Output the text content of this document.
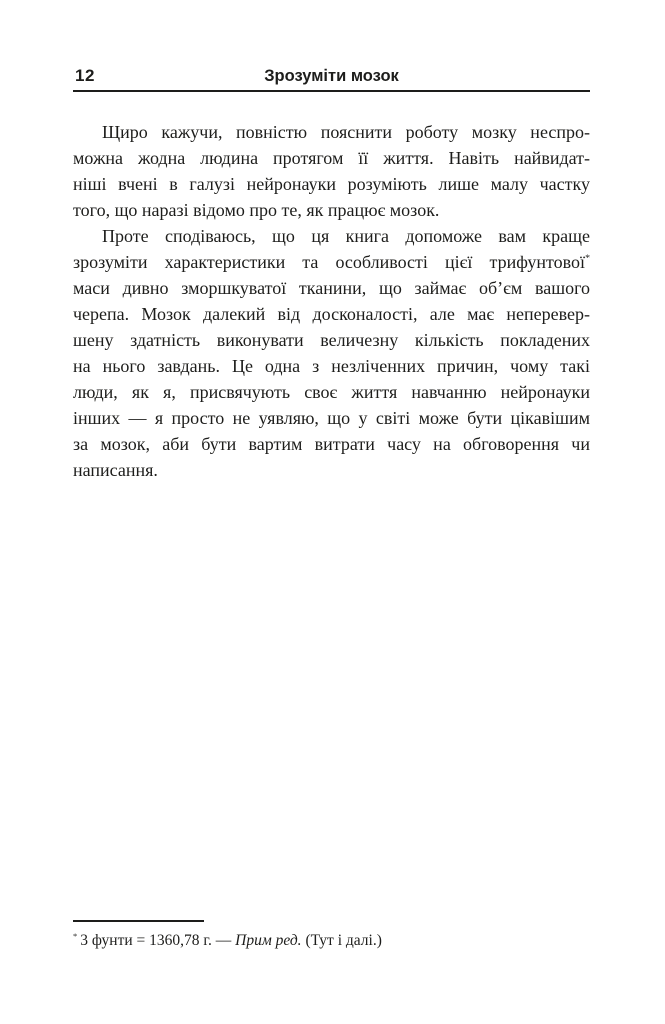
12	Зрозуміти мозок
Щиро кажучи, повністю пояснити роботу мозку неспро-
можна жодна людина протягом її життя. Навіть найвидат-
ніші вчені в галузі нейронауки розуміють лише малу частку
того, що наразі відомо про те, як працює мозок.
Проте сподіваюсь, що ця книга допоможе вам краще
зрозуміти характеристики та особливості цієї трифунтової*
маси дивно зморшкуватої тканини, що займає об’єм вашого
черепа. Мозок далекий від досконалості, але має неперевер-
шену здатність виконувати величезну кількість покладених
на нього завдань. Це одна з незліченних причин, чому такі
люди, як я, присвячують своє життя навчанню нейронауки
інших — я просто не уявляю, що у світі може бути цікавішим
за мозок, аби бути вартим витрати часу на обговорення чи
написання.

* 3 фунти = 1360,78 г. — Прим ред. (Тут і далі.)
